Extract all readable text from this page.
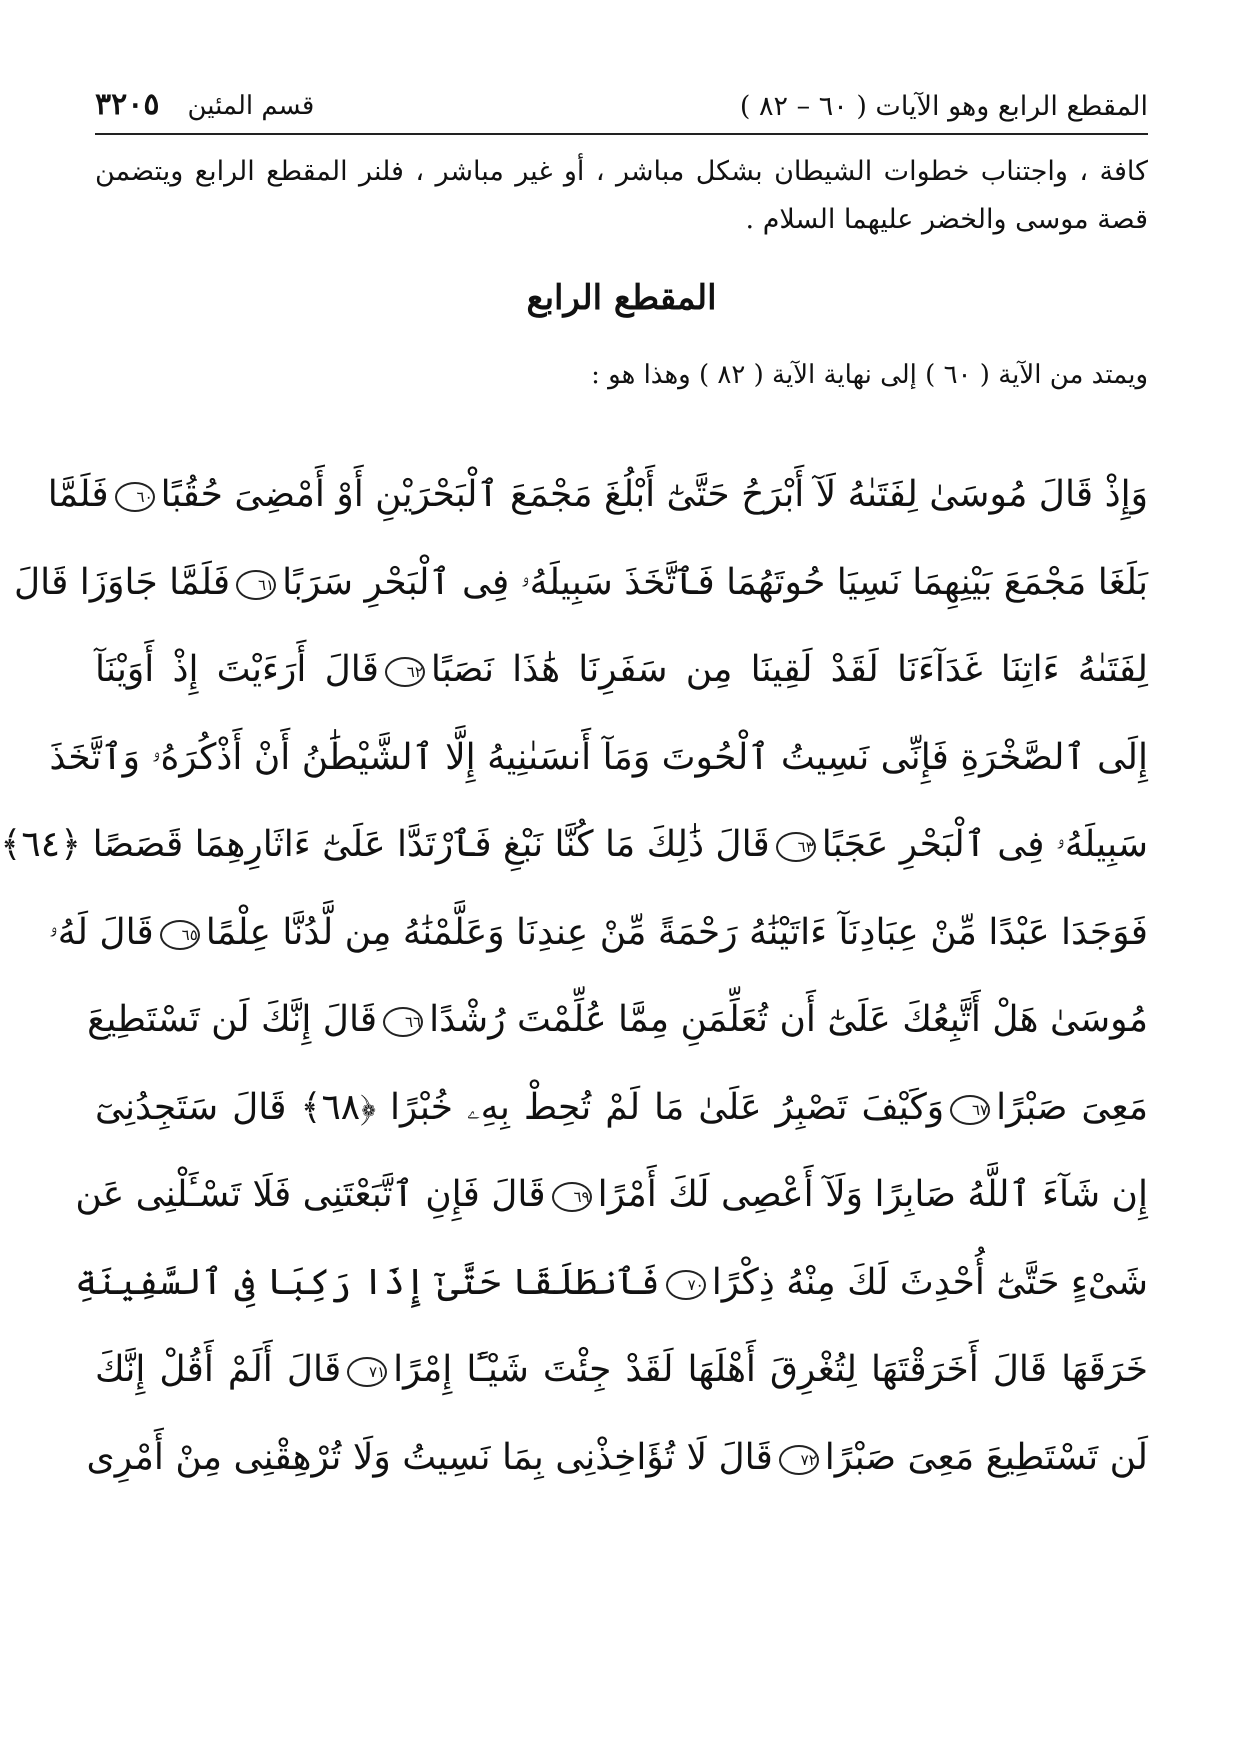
المقطع الرابع وهو الآيات ( ٦٠ – ٨٢ )
قسم المئين
٣٢٠٥
كافة ، واجتناب خطوات الشيطان بشكل مباشر ، أو غير مباشر ، فلنر المقطع الرابع ويتضمن قصة موسى والخضر عليهما السلام .
المقطع الرابع
ويمتد من الآية ( ٦٠ ) إلى نهاية الآية ( ٨٢ ) وهذا هو :
وَإِذْ قَالَ مُوسَىٰ لِفَتَىٰهُ لَآ أَبْرَحُ حَتَّىٰٓ أَبْلُغَ مَجْمَعَ ٱلْبَحْرَيْنِ أَوْ أَمْضِىَ حُقُبًا٦٠فَلَمَّا
بَلَغَا مَجْمَعَ بَيْنِهِمَا نَسِيَا حُوتَهُمَا فَٱتَّخَذَ سَبِيلَهُۥ فِى ٱلْبَحْرِ سَرَبًا٦١فَلَمَّا جَاوَزَا قَالَ
لِفَتَىٰهُ ءَاتِنَا غَدَآءَنَا لَقَدْ لَقِينَا مِن سَفَرِنَا هَٰذَا نَصَبًا٦٢قَالَ أَرَءَيْتَ إِذْ أَوَيْنَآ
إِلَى ٱلصَّخْرَةِ فَإِنِّى نَسِيتُ ٱلْحُوتَ وَمَآ أَنسَىٰنِيهُ إِلَّا ٱلشَّيْطَٰنُ أَنْ أَذْكُرَهُۥ وَٱتَّخَذَ
سَبِيلَهُۥ فِى ٱلْبَحْرِ عَجَبًا٦٣قَالَ ذَٰلِكَ مَا كُنَّا نَبْغِ فَٱرْتَدَّا عَلَىٰٓ ءَاثَارِهِمَا قَصَصًا ﴿٦٤﴾
فَوَجَدَا عَبْدًا مِّنْ عِبَادِنَآ ءَاتَيْنَٰهُ رَحْمَةً مِّنْ عِندِنَا وَعَلَّمْنَٰهُ مِن لَّدُنَّا عِلْمًا٦٥قَالَ لَهُۥ
مُوسَىٰ هَلْ أَتَّبِعُكَ عَلَىٰٓ أَن تُعَلِّمَنِ مِمَّا عُلِّمْتَ رُشْدًا٦٦قَالَ إِنَّكَ لَن تَسْتَطِيعَ
مَعِىَ صَبْرًا٦٧وَكَيْفَ تَصْبِرُ عَلَىٰ مَا لَمْ تُحِطْ بِهِۦ خُبْرًا ﴿٦٨﴾ قَالَ سَتَجِدُنِىٓ
إِن شَآءَ ٱللَّهُ صَابِرًا وَلَآ أَعْصِى لَكَ أَمْرًا٦٩قَالَ فَإِنِ ٱتَّبَعْتَنِى فَلَا تَسْـَٔلْنِى عَن
شَىْءٍ حَتَّىٰٓ أُحْدِثَ لَكَ مِنْهُ ذِكْرًا٧٠فَٱنطَلَقَا حَتَّىٰٓ إِذَا رَكِبَا فِى ٱلسَّفِينَةِ
خَرَقَهَا قَالَ أَخَرَقْتَهَا لِتُغْرِقَ أَهْلَهَا لَقَدْ جِئْتَ شَيْـًٔا إِمْرًا٧١قَالَ أَلَمْ أَقُلْ إِنَّكَ
لَن تَسْتَطِيعَ مَعِىَ صَبْرًا٧٢قَالَ لَا تُؤَاخِذْنِى بِمَا نَسِيتُ وَلَا تُرْهِقْنِى مِنْ أَمْرِى
